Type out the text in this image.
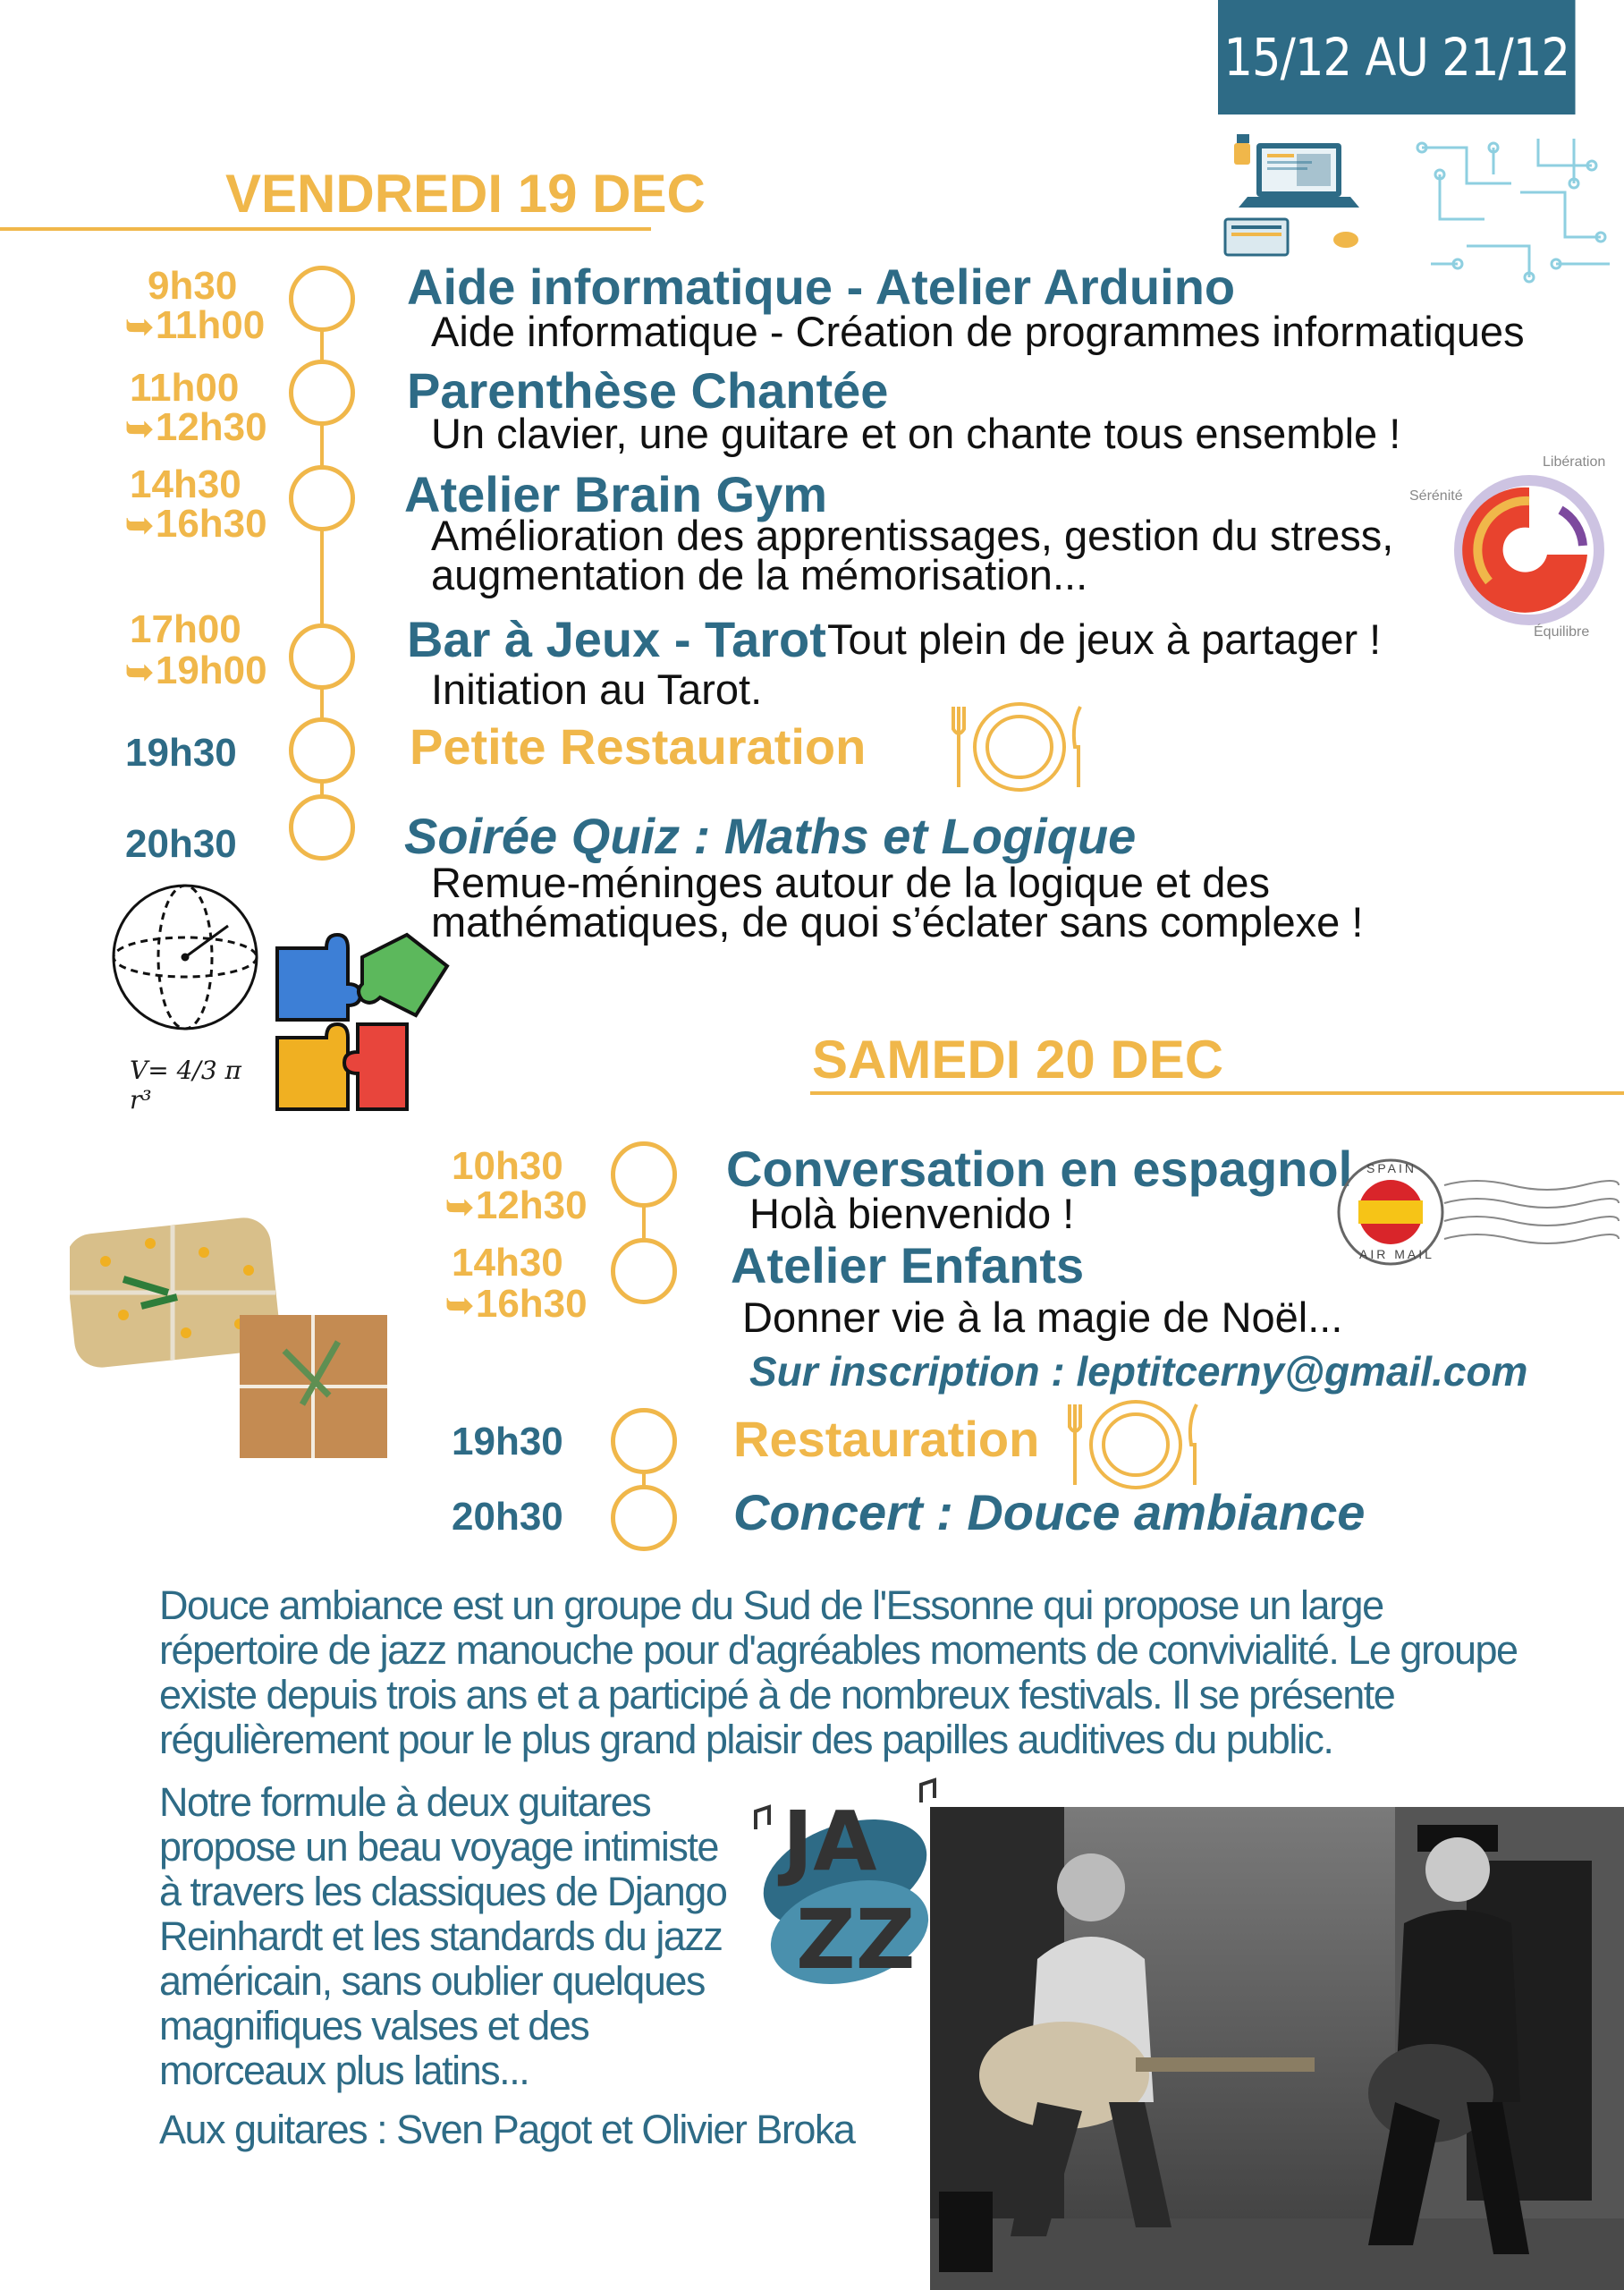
15/12 AU 21/12
VENDREDI 19 DEC
9h30
➥11h00
Aide informatique - Atelier Arduino
Aide informatique - Création de programmes informatiques
11h00
➥12h30
Parenthèse Chantée
Un clavier, une guitare et on chante tous ensemble !
14h30
➥16h30
Atelier Brain Gym
Amélioration des apprentissages, gestion du stress,
augmentation de la mémorisation...
Libération
Sérénité
Équilibre
17h00
➥19h00
Bar à Jeux - Tarot Tout plein de jeux à partager !
Initiation au Tarot.
19h30	Petite Restauration
20h30	Soirée Quiz : Maths et Logique
Remue-méninges autour de la logique et des
mathématiques, de quoi s’éclater sans complexe !
V= 4/3 π r³
SAMEDI 20 DEC
10h30
➥12h30
Conversation en espagnol
Holà bienvenido !
SPAIN
AIR MAIL
14h30
➥16h30
Atelier Enfants
Donner vie à la magie de Noël...
Sur inscription : leptitcerny@gmail.com
19h30	Restauration
20h30	Concert : Douce ambiance
Douce ambiance est un groupe du Sud de l'Essonne qui propose un large
répertoire de jazz manouche pour d'agréables moments de convivialité. Le groupe
existe depuis trois ans et a participé à de nombreux festivals. Il se présente
régulièrement pour le plus grand plaisir des papilles auditives du public.
Notre formule à deux guitares
propose un beau voyage intimiste
à travers les classiques de Django
Reinhardt et les standards du jazz
américain, sans oublier quelques
magnifiques valses et des
morceaux plus latins...
Aux guitares : Sven Pagot et Olivier Broka
JA
ZZ
